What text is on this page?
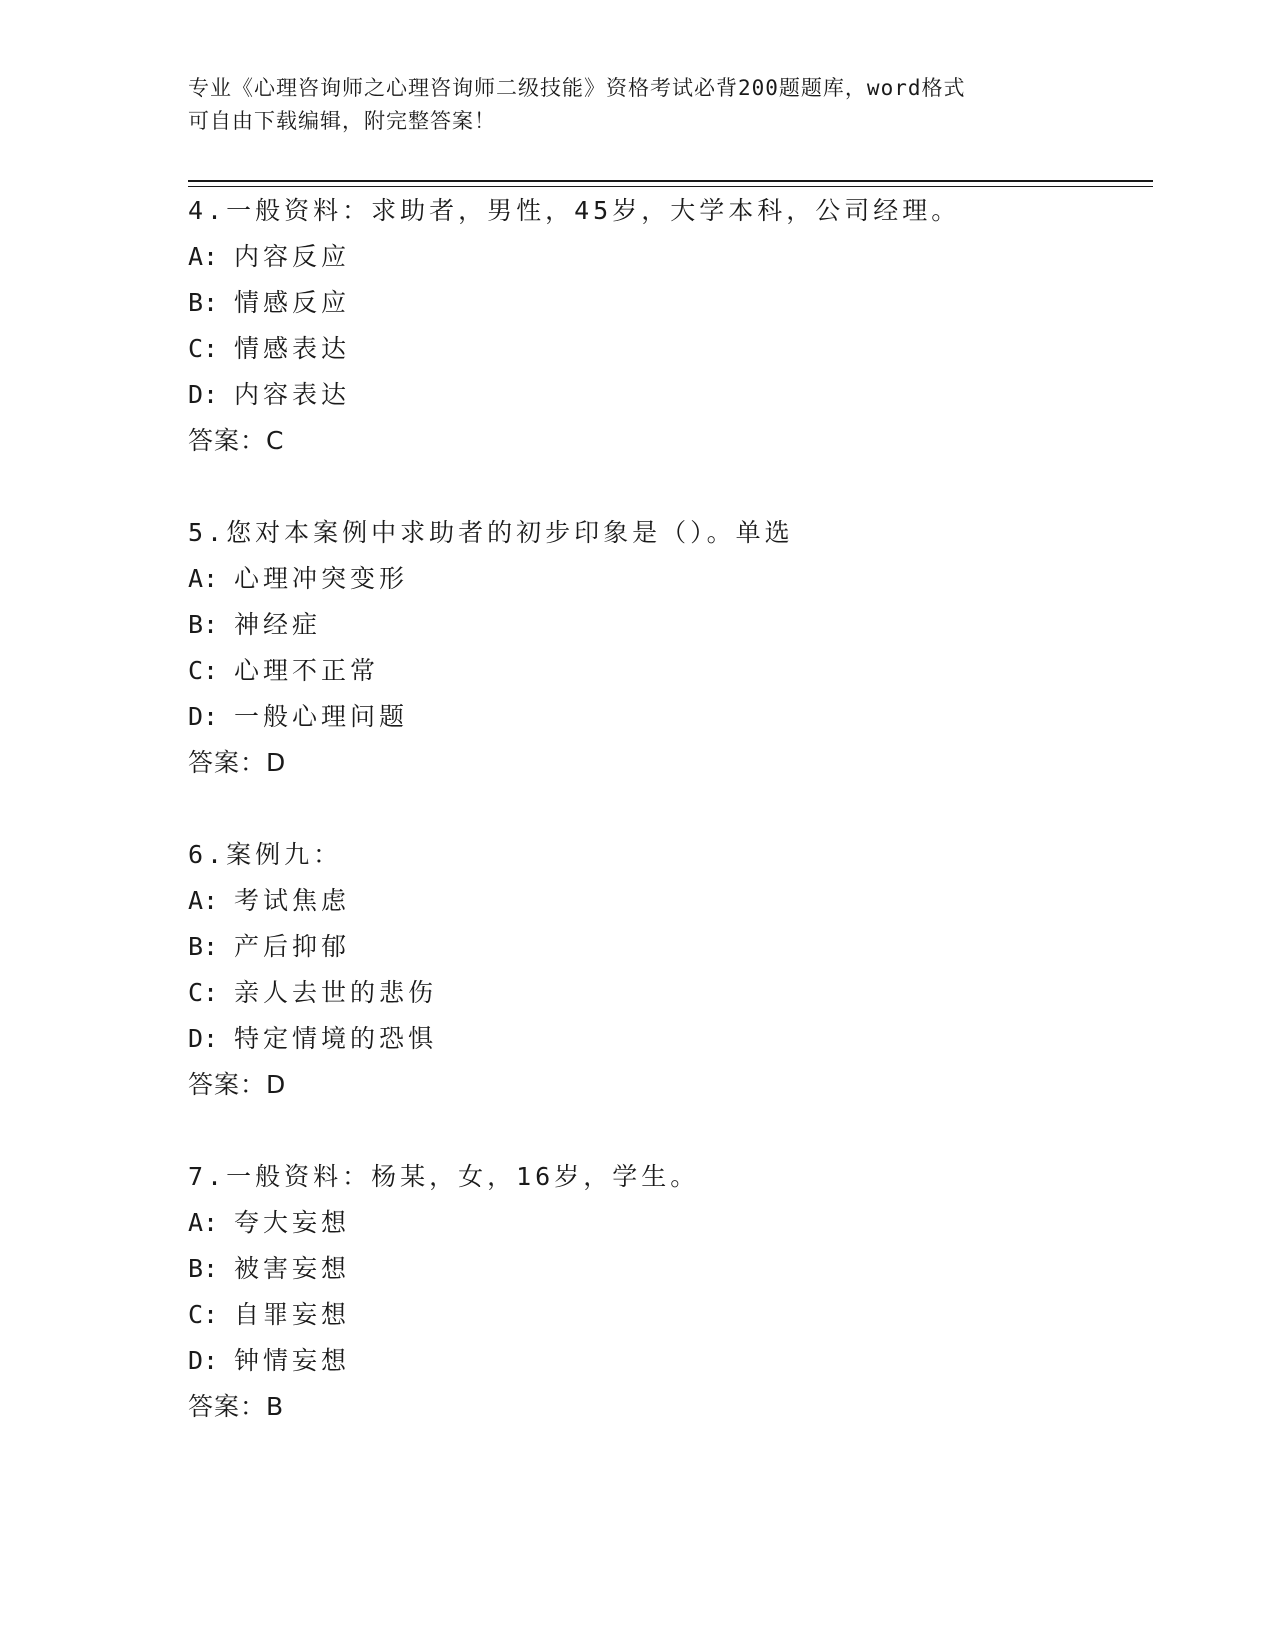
专业《心理咨询师之心理咨询师二级技能》资格考试必背200题题库，word格式
可自由下载编辑，附完整答案！
4.一般资料：求助者，男性，45岁，大学本科，公司经理。
A: 内容反应
B: 情感反应
C: 情感表达
D: 内容表达
答案：C
5.您对本案例中求助者的初步印象是（）。单选
A: 心理冲突变形
B: 神经症
C: 心理不正常
D: 一般心理问题
答案：D
6.案例九：
A: 考试焦虑
B: 产后抑郁
C: 亲人去世的悲伤
D: 特定情境的恐惧
答案：D
7.一般资料：杨某，女，16岁，学生。
A: 夸大妄想
B: 被害妄想
C: 自罪妄想
D: 钟情妄想
答案：B
